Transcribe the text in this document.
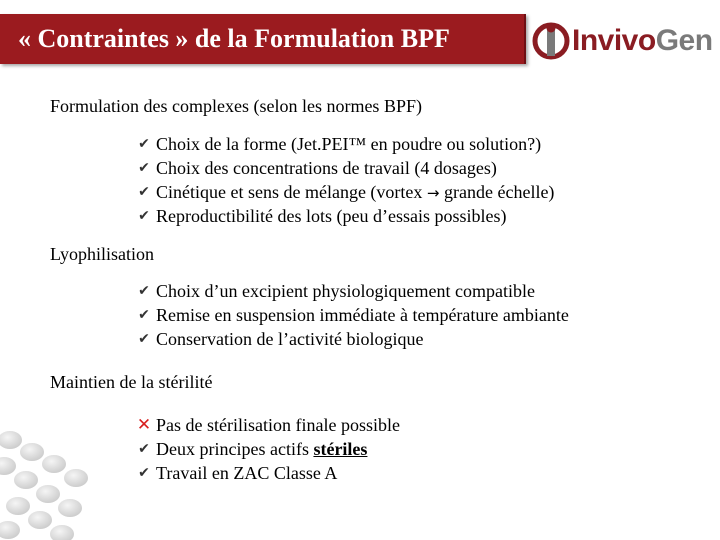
« Contraintes » de la Formulation BPF	InvivoGen
Formulation des complexes (selon les normes BPF)
✔ Choix de la forme (Jet.PEI™ en poudre ou solution?)
✔ Choix des concentrations de travail (4 dosages)
✔ Cinétique et sens de mélange (vortex → grande échelle)
✔ Reproductibilité des lots (peu d’essais possibles)
Lyophilisation
✔ Choix d’un excipient physiologiquement compatible
✔ Remise en suspension immédiate à température ambiante
✔ Conservation de l’activité biologique
Maintien de la stérilité
✕ Pas de stérilisation finale possible
✔ Deux principes actifs stériles
✔ Travail en ZAC Classe A
